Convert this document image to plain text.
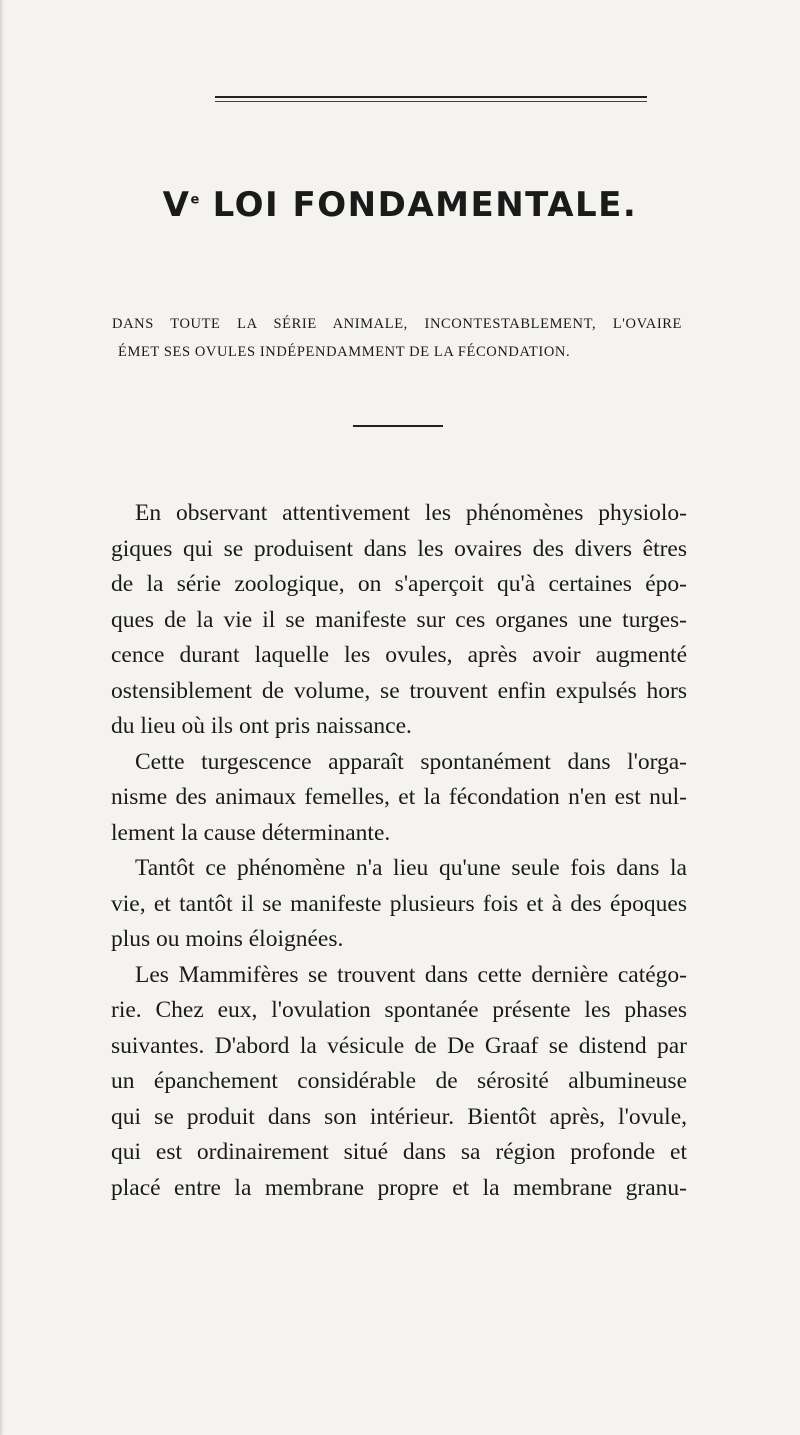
Ve LOI FONDAMENTALE.
DANS TOUTE LA SÉRIE ANIMALE, INCONTESTABLEMENT, L'OVAIRE
ÉMET SES OVULES INDÉPENDAMMENT DE LA FÉCONDATION.
En observant attentivement les phénomènes physiolo-
giques qui se produisent dans les ovaires des divers êtres
de la série zoologique, on s'aperçoit qu'à certaines épo-
ques de la vie il se manifeste sur ces organes une turges-
cence durant laquelle les ovules, après avoir augmenté
ostensiblement de volume, se trouvent enfin expulsés hors
du lieu où ils ont pris naissance.
Cette turgescence apparaît spontanément dans l'orga-
nisme des animaux femelles, et la fécondation n'en est nul-
lement la cause déterminante.
Tantôt ce phénomène n'a lieu qu'une seule fois dans la
vie, et tantôt il se manifeste plusieurs fois et à des époques
plus ou moins éloignées.
Les Mammifères se trouvent dans cette dernière catégo-
rie. Chez eux, l'ovulation spontanée présente les phases
suivantes. D'abord la vésicule de De Graaf se distend par
un épanchement considérable de sérosité albumineuse
qui se produit dans son intérieur. Bientôt après, l'ovule,
qui est ordinairement situé dans sa région profonde et
placé entre la membrane propre et la membrane granu-
